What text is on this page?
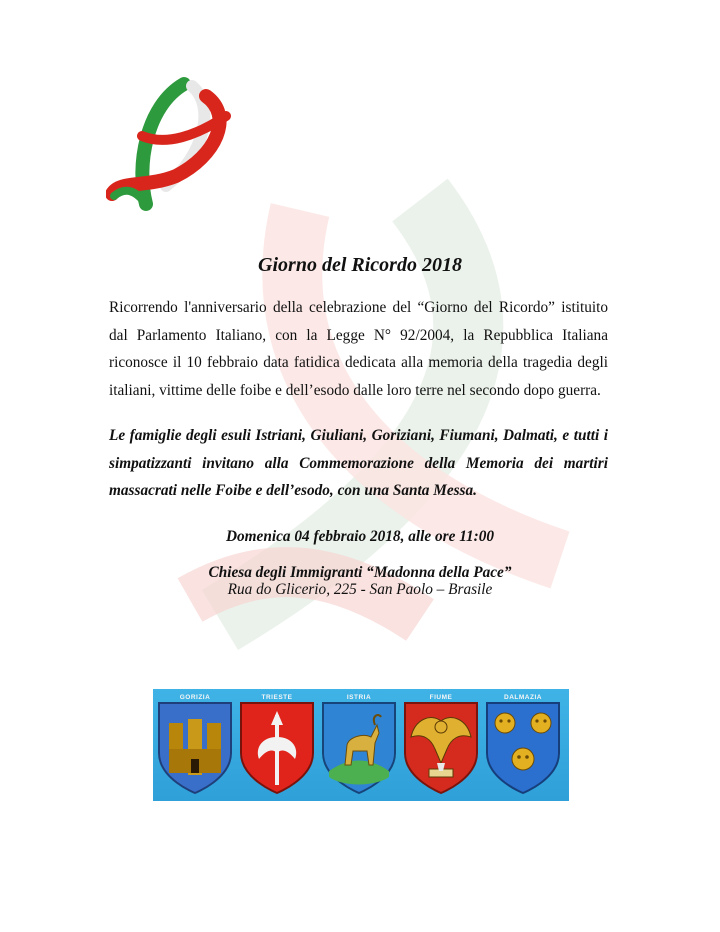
Giorno del Ricordo 2018

Ricorrendo l'anniversario della celebrazione del “Giorno del Ricordo” istituito dal Parlamento Italiano, con la Legge N° 92/2004, la Repubblica Italiana riconosce il 10 febbraio data fatidica dedicata alla memoria della tragedia degli italiani, vittime delle foibe e dell’esodo dalle loro terre nel secondo dopo guerra.

Le famiglie degli esuli Istriani, Giuliani, Goriziani, Fiumani, Dalmati, e tutti i simpatizzanti invitano alla Commemorazione della Memoria dei martiri massacrati nelle Foibe e dell’esodo, con una Santa Messa.

Domenica 04 febbraio 2018, alle ore 11:00

Chiesa degli Immigranti “Madonna della Pace”

Rua do Glicerio, 225 - San Paolo – Brasile

GORIZIA	TRIESTE	ISTRIA	FIUME	DALMAZIA
